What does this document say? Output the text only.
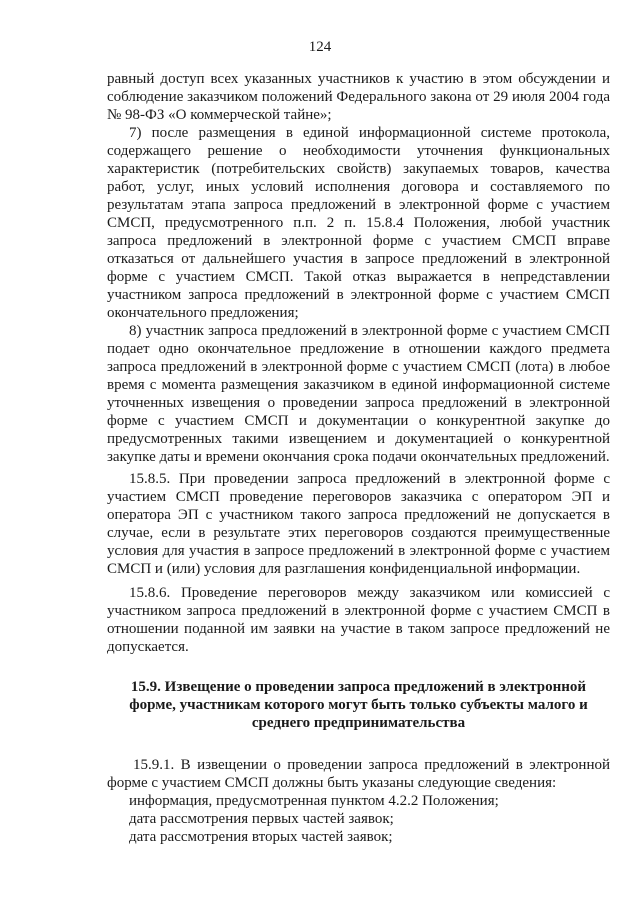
124

равный доступ всех указанных участников к участию в этом обсуждении и соблюдение заказчиком положений Федерального закона от 29 июля 2004 года № 98-ФЗ «О коммерческой тайне»;

7) после размещения в единой информационной системе протокола, содержащего решение о необходимости уточнения функциональных характеристик (потребительских свойств) закупаемых товаров, качества работ, услуг, иных условий исполнения договора и составляемого по результатам этапа запроса предложений в электронной форме с участием СМСП, предусмотренного п.п. 2 п. 15.8.4 Положения, любой участник запроса предложений в электронной форме с участием СМСП вправе отказаться от дальнейшего участия в запросе предложений в электронной форме с участием СМСП. Такой отказ выражается в непредставлении участником запроса предложений в электронной форме с участием СМСП окончательного предложения;

8) участник запроса предложений в электронной форме с участием СМСП подает одно окончательное предложение в отношении каждого предмета запроса предложений в электронной форме с участием СМСП (лота) в любое время с момента размещения заказчиком в единой информационной системе уточненных извещения о проведении запроса предложений в электронной форме с участием СМСП и документации о конкурентной закупке до предусмотренных такими извещением и документацией о конкурентной закупке даты и времени окончания срока подачи окончательных предложений.

15.8.5. При проведении запроса предложений в электронной форме с участием СМСП проведение переговоров заказчика с оператором ЭП и оператора ЭП с участником такого запроса предложений не допускается в случае, если в результате этих переговоров создаются преимущественные условия для участия в запросе предложений в электронной форме с участием СМСП и (или) условия для разглашения конфиденциальной информации.

15.8.6. Проведение переговоров между заказчиком или комиссией с участником запроса предложений в электронной форме с участием СМСП в отношении поданной им заявки на участие в таком запросе предложений не допускается.

15.9. Извещение о проведении запроса предложений в электронной форме, участникам которого могут быть только субъекты малого и среднего предпринимательства

15.9.1. В извещении о проведении запроса предложений в электронной форме с участием СМСП должны быть указаны следующие сведения:

информация, предусмотренная пунктом 4.2.2 Положения;

дата рассмотрения первых частей заявок;

дата рассмотрения вторых частей заявок;
